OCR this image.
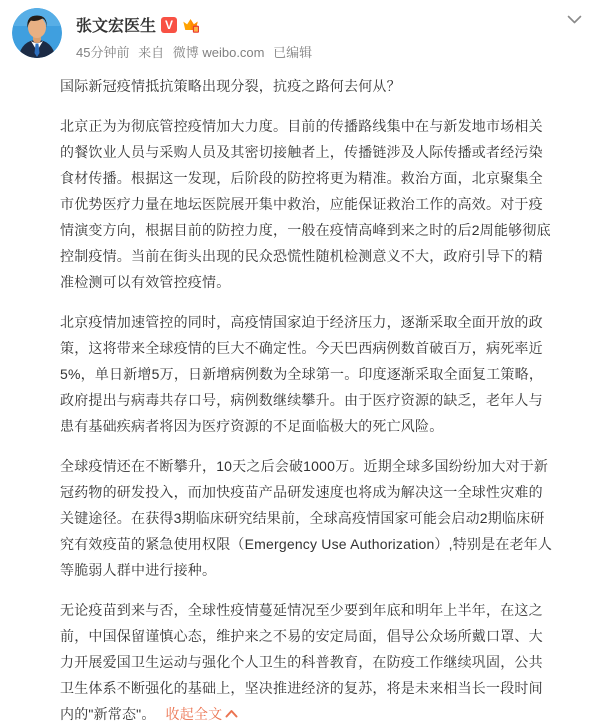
张文宏医生 V
45分钟前 来自 微博 weibo.com 已编辑

国际新冠疫情抵抗策略出现分裂，抗疫之路何去何从？

北京正为为彻底管控疫情加大力度。目前的传播路线集中在与新发地市场相关的餐饮业人员与采购人员及其密切接触者上，传播链涉及人际传播或者经污染食材传播。根据这一发现，后阶段的防控将更为精准。救治方面，北京聚集全市优势医疗力量在地坛医院展开集中救治，应能保证救治工作的高效。对于疫情演变方向，根据目前的防控力度，一般在疫情高峰到来之时的后2周能够彻底控制疫情。当前在街头出现的民众恐慌性随机检测意义不大，政府引导下的精准检测可以有效管控疫情。

北京疫情加速管控的同时，高疫情国家迫于经济压力，逐渐采取全面开放的政策，这将带来全球疫情的巨大不确定性。今天巴西病例数首破百万，病死率近5%，单日新增5万，日新增病例数为全球第一。印度逐渐采取全面复工策略，政府提出与病毒共存口号，病例数继续攀升。由于医疗资源的缺乏，老年人与患有基础疾病者将因为医疗资源的不足面临极大的死亡风险。

全球疫情还在不断攀升，10天之后会破1000万。近期全球多国纷纷加大对于新冠药物的研发投入，而加快疫苗产品研发速度也将成为解决这一全球性灾难的关键途径。在获得3期临床研究结果前，全球高疫情国家可能会启动2期临床研究有效疫苗的紧急使用权限（Emergency Use Authorization）,特别是在老年人等脆弱人群中进行接种。

无论疫苗到来与否，全球性疫情蔓延情况至少要到年底和明年上半年，在这之前，中国保留谨慎心态，维护来之不易的安定局面，倡导公众场所戴口罩、大力开展爱国卫生运动与强化个人卫生的科普教育，在防疫工作继续巩固，公共卫生体系不断强化的基础上，坚决推进经济的复苏，将是未来相当长一段时间内的"新常态"。 收起全文
